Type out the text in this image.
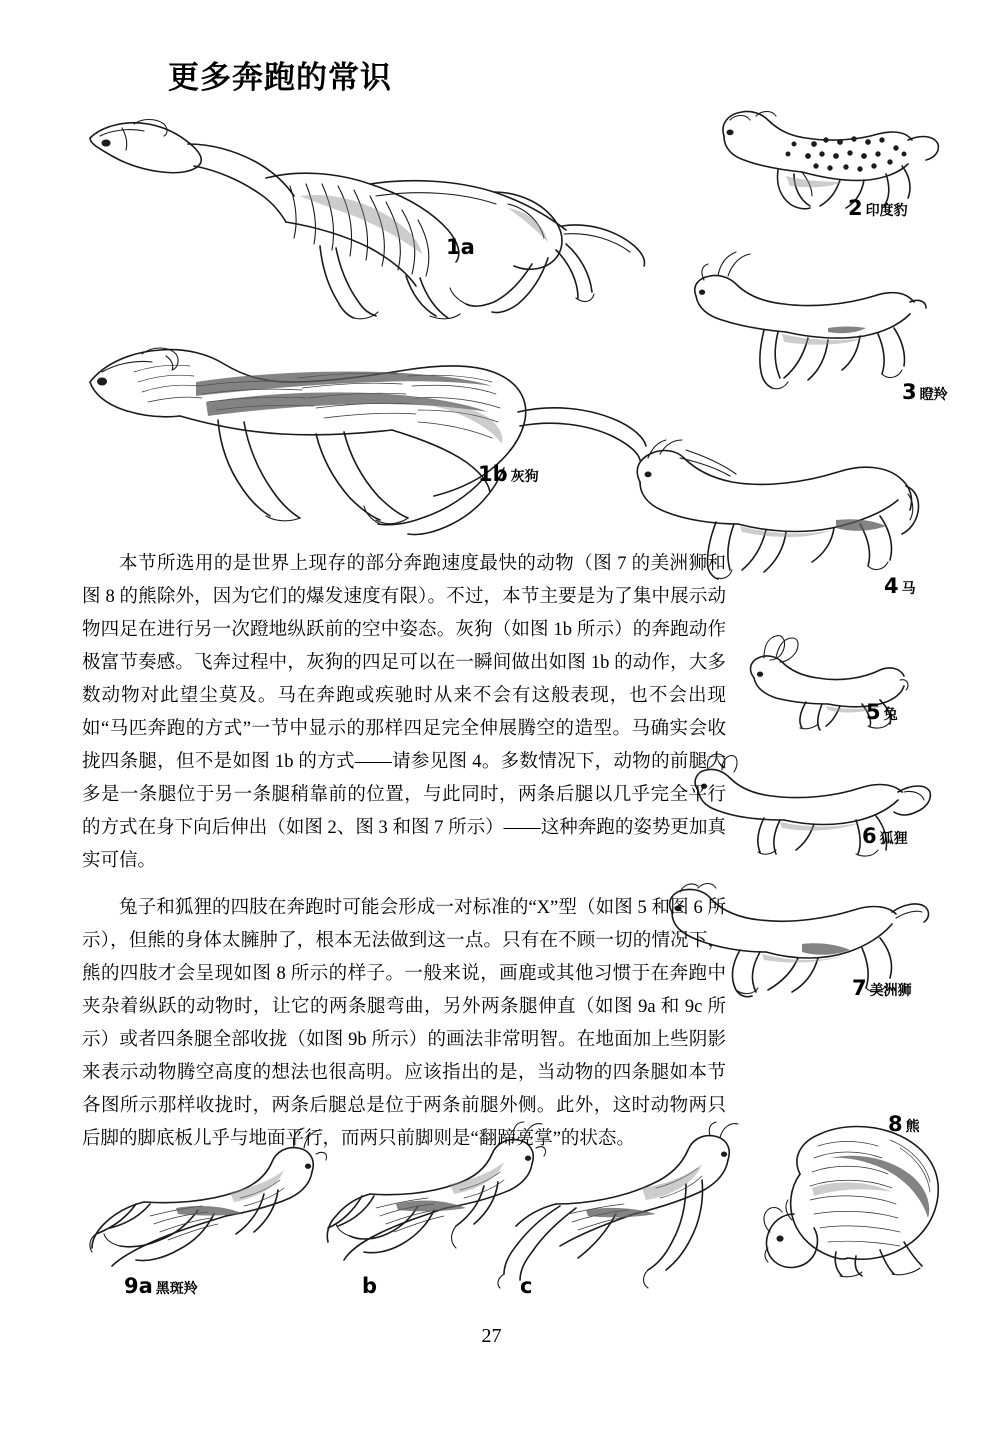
更多奔跑的常识
1a
1b 灰狗
2 印度豹
3 瞪羚
4 马
5 兔
6 狐狸
7 美洲狮
8 熊
9a 黑斑羚	b	c

本节所选用的是世界上现存的部分奔跑速度最快的动物（图 7 的美洲狮和图 8 的熊除外，因为它们的爆发速度有限）。不过，本节主要是为了集中展示动物四足在进行另一次蹬地纵跃前的空中姿态。灰狗（如图 1b 所示）的奔跑动作极富节奏感。飞奔过程中，灰狗的四足可以在一瞬间做出如图 1b 的动作，大多数动物对此望尘莫及。马在奔跑或疾驰时从来不会有这般表现，也不会出现如“马匹奔跑的方式”一节中显示的那样四足完全伸展腾空的造型。马确实会收拢四条腿，但不是如图 1b 的方式——请参见图 4。多数情况下，动物的前腿大多是一条腿位于另一条腿稍靠前的位置，与此同时，两条后腿以几乎完全平行的方式在身下向后伸出（如图 2、图 3 和图 7 所示）——这种奔跑的姿势更加真实可信。

兔子和狐狸的四肢在奔跑时可能会形成一对标准的“X”型（如图 5 和图 6 所示），但熊的身体太臃肿了，根本无法做到这一点。只有在不顾一切的情况下，熊的四肢才会呈现如图 8 所示的样子。一般来说，画鹿或其他习惯于在奔跑中夹杂着纵跃的动物时，让它的两条腿弯曲，另外两条腿伸直（如图 9a 和 9c 所示）或者四条腿全部收拢（如图 9b 所示）的画法非常明智。在地面加上些阴影来表示动物腾空高度的想法也很高明。应该指出的是，当动物的四条腿如本节各图所示那样收拢时，两条后腿总是位于两条前腿外侧。此外，这时动物两只后脚的脚底板儿乎与地面平行，而两只前脚则是“翻蹄亮掌”的状态。

27
